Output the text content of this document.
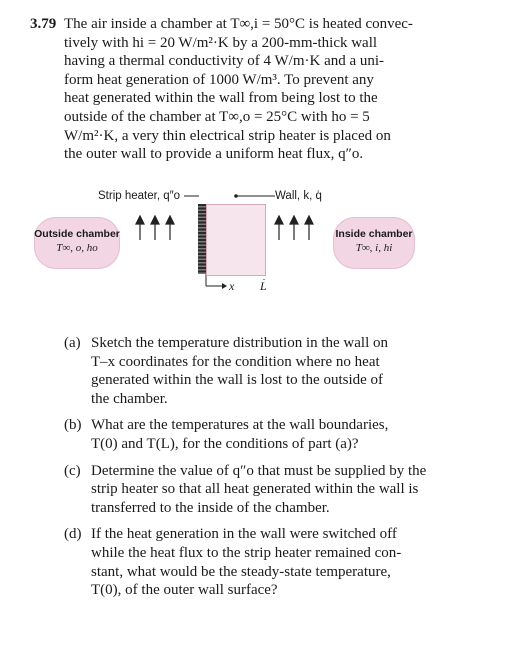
3.79 The air inside a chamber at T∞,i = 50°C is heated convec-
tively with hi = 20 W/m²·K by a 200-mm-thick wall
having a thermal conductivity of 4 W/m·K and a uni-
form heat generation of 1000 W/m³. To prevent any
heat generated within the wall from being lost to the
outside of the chamber at T∞,o = 25°C with ho = 5
W/m²·K, a very thin electrical strip heater is placed on
the outer wall to provide a uniform heat flux, q″o.
Strip heater, q″o	Wall, k, q̇
Outside chamber
T∞, o, ho
Inside chamber
T∞, i, hi
x L
(a) Sketch the temperature distribution in the wall on
T–x coordinates for the condition where no heat
generated within the wall is lost to the outside of
the chamber.
(b) What are the temperatures at the wall boundaries,
T(0) and T(L), for the conditions of part (a)?
(c) Determine the value of q″o that must be supplied by the
strip heater so that all heat generated within the wall is
transferred to the inside of the chamber.
(d) If the heat generation in the wall were switched off
while the heat flux to the strip heater remained con-
stant, what would be the steady-state temperature,
T(0), of the outer wall surface?
